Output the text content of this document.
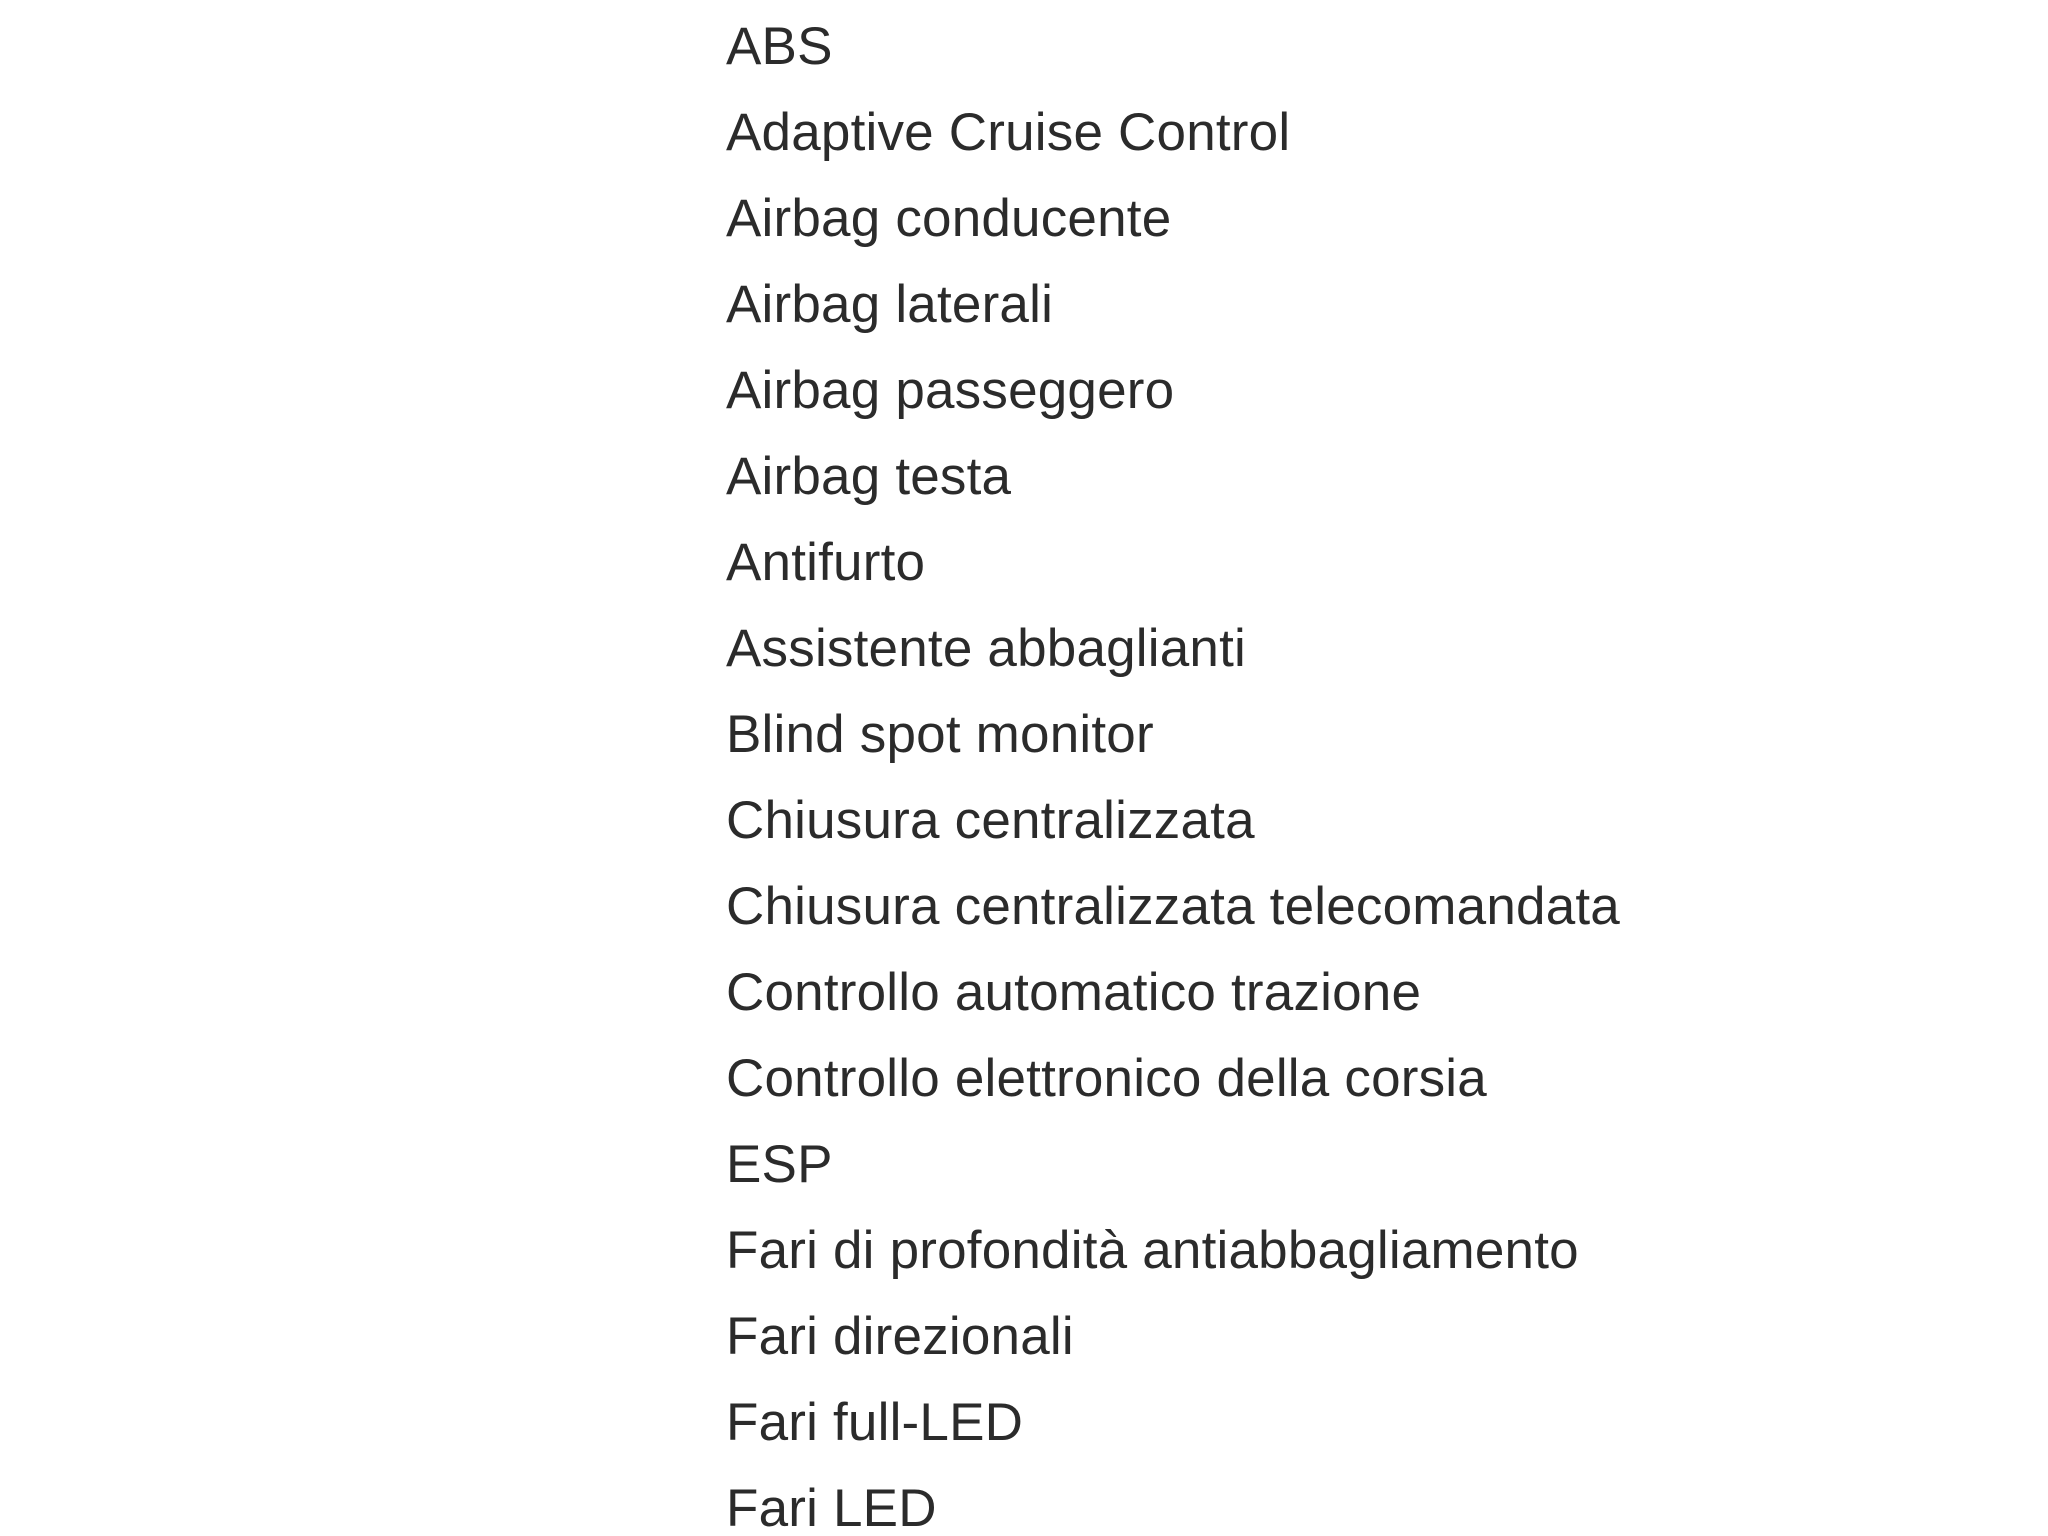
ABS
Adaptive Cruise Control
Airbag conducente
Airbag laterali
Airbag passeggero
Airbag testa
Antifurto
Assistente abbaglianti
Blind spot monitor
Chiusura centralizzata
Chiusura centralizzata telecomandata
Controllo automatico trazione
Controllo elettronico della corsia
ESP
Fari di profondità antiabbagliamento
Fari direzionali
Fari full-LED
Fari LED
